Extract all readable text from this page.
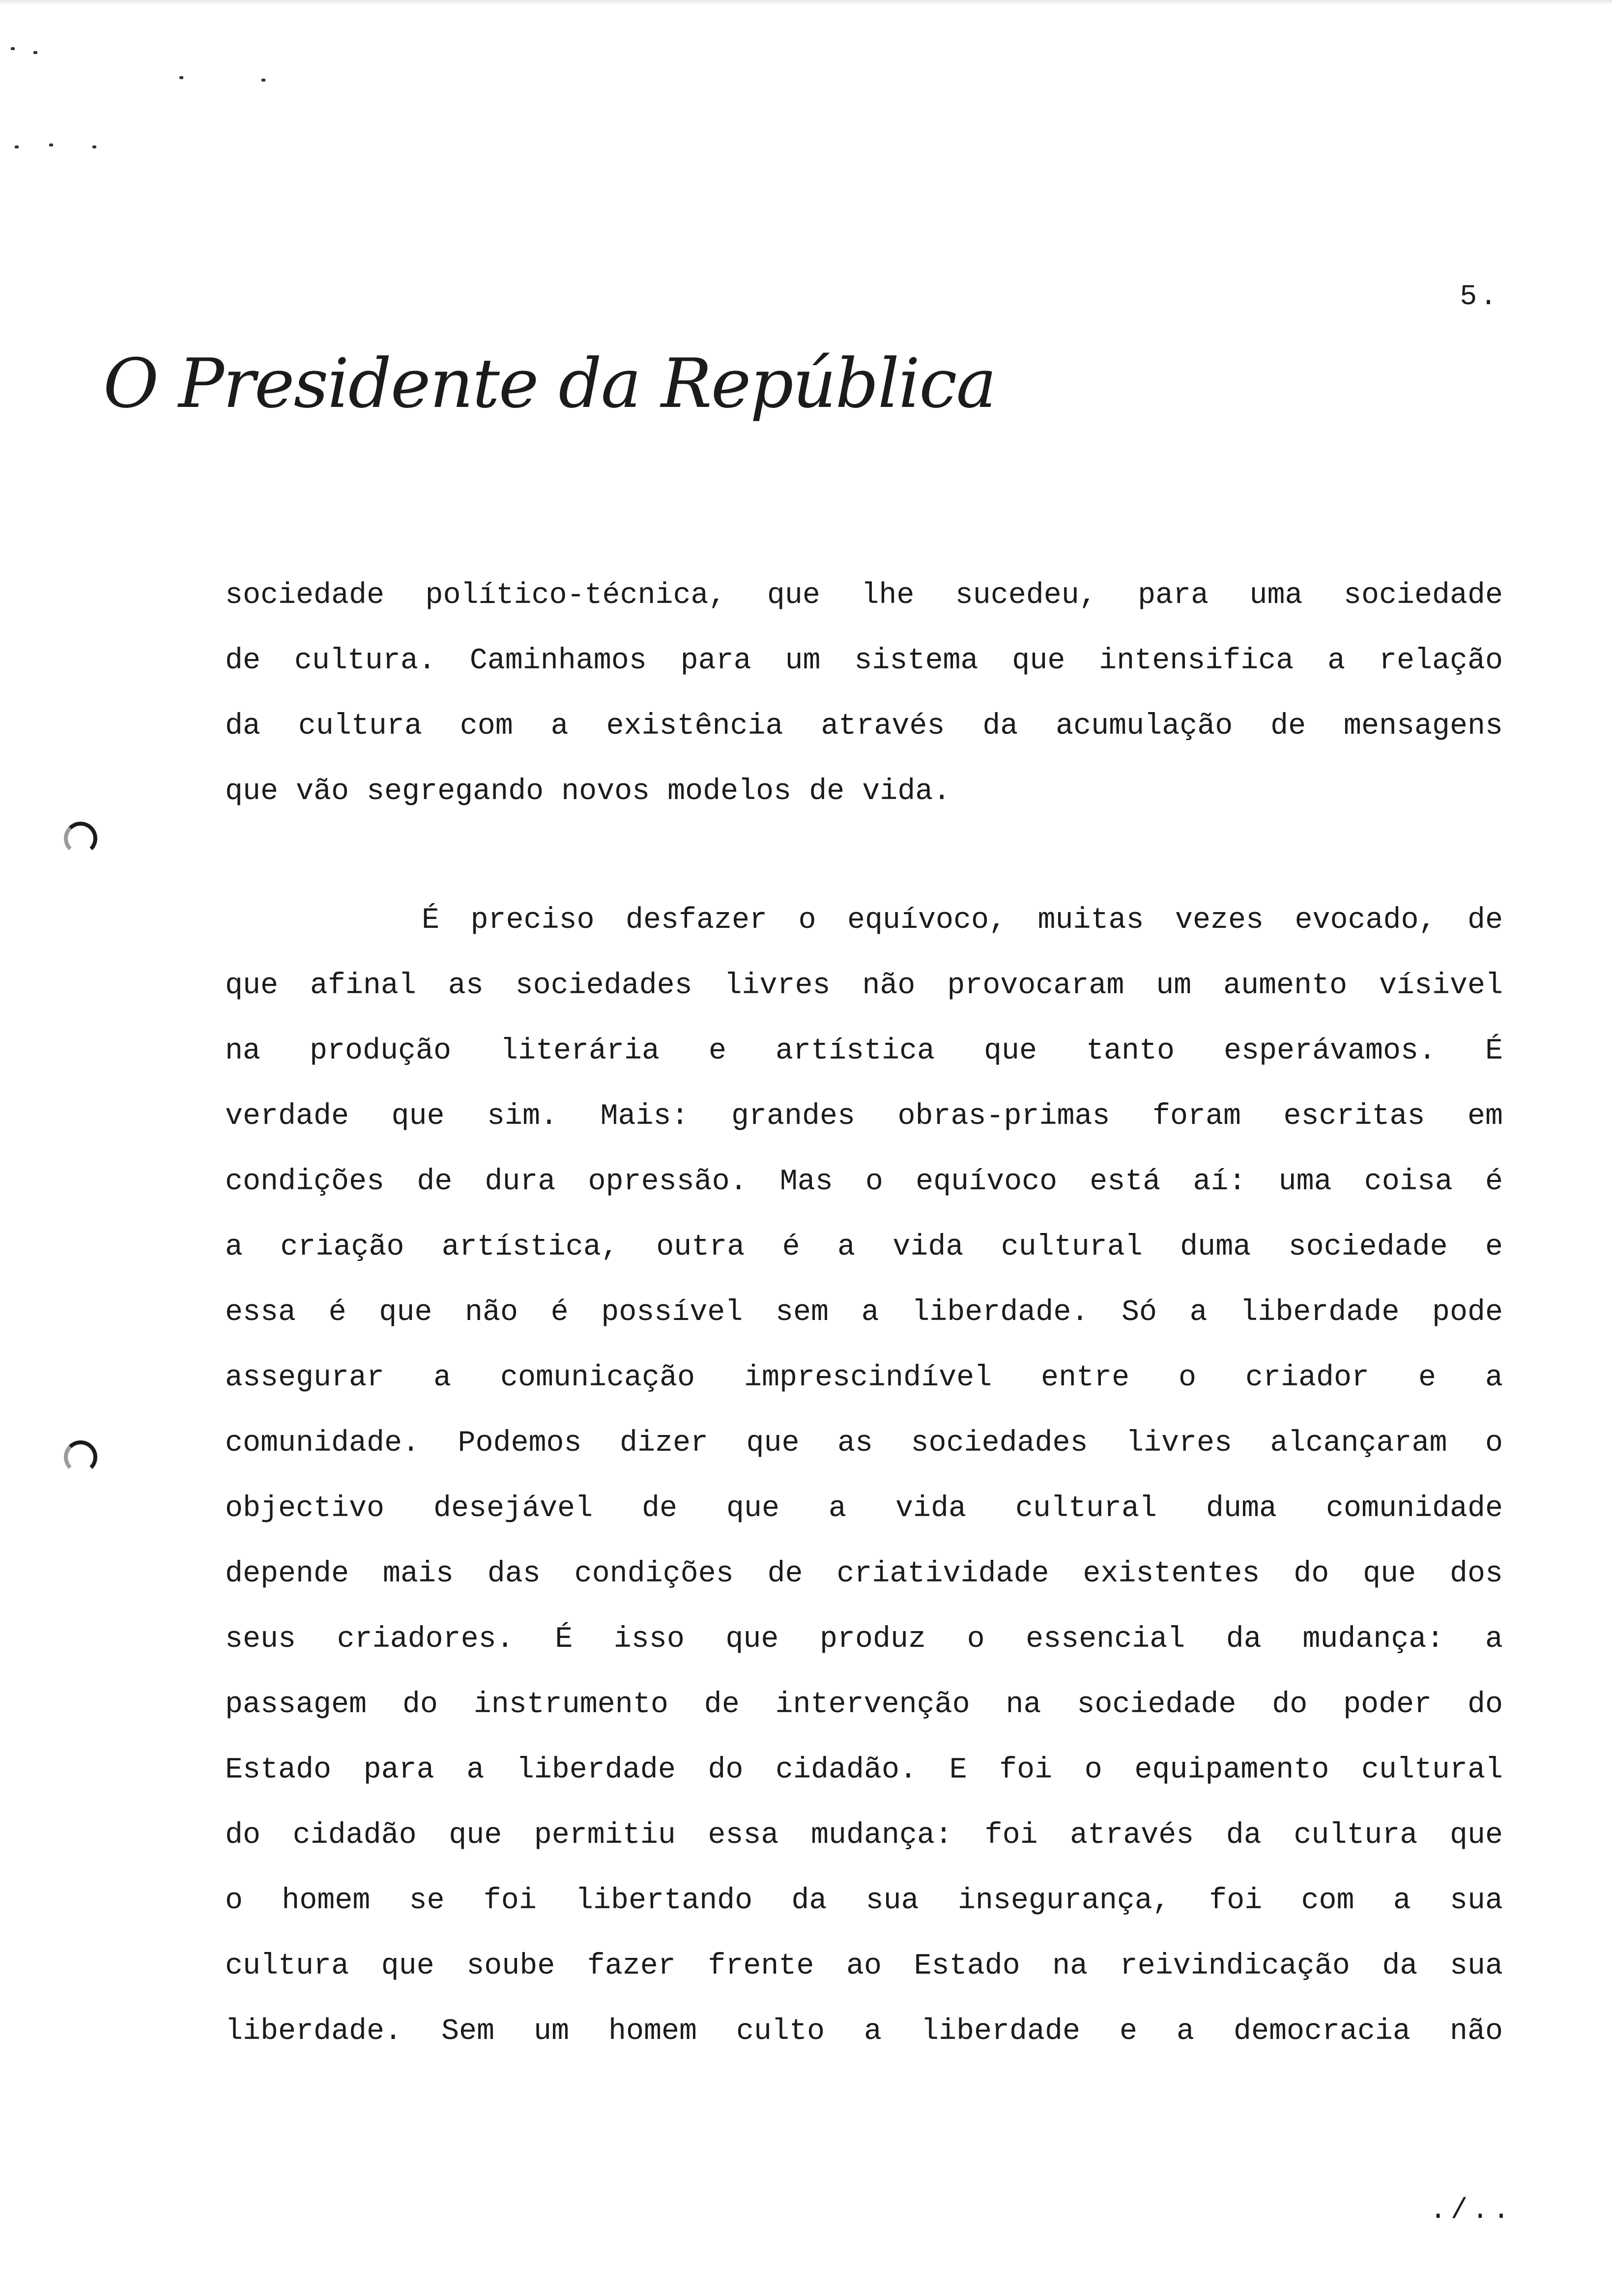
5.
O Presidente da República
sociedade político-técnica, que lhe sucedeu, para uma sociedade
de cultura. Caminhamos para um sistema que intensifica a relação
da cultura com a existência através da acumulação de mensagens
que vão segregando novos modelos de vida.
É preciso desfazer o equívoco, muitas vezes evocado, de
que afinal as sociedades livres não provocaram um aumento vísivel
na produção literária e artística que tanto esperávamos. É
verdade que sim. Mais: grandes obras-primas foram escritas em
condições de dura opressão. Mas o equívoco está aí: uma coisa é
a criação artística, outra é a vida cultural duma sociedade e
essa é que não é possível sem a liberdade. Só a liberdade pode
assegurar a comunicação imprescindível entre o criador e a
comunidade. Podemos dizer que as sociedades livres alcançaram o
objectivo desejável de que a vida cultural duma comunidade
depende mais das condições de criatividade existentes do que dos
seus criadores. É isso que produz o essencial da mudança: a
passagem do instrumento de intervenção na sociedade do poder do
Estado para a liberdade do cidadão. E foi o equipamento cultural
do cidadão que permitiu essa mudança: foi através da cultura que
o homem se foi libertando da sua insegurança, foi com a sua
cultura que soube fazer frente ao Estado na reivindicação da sua
liberdade. Sem um homem culto a liberdade e a democracia não
./..
